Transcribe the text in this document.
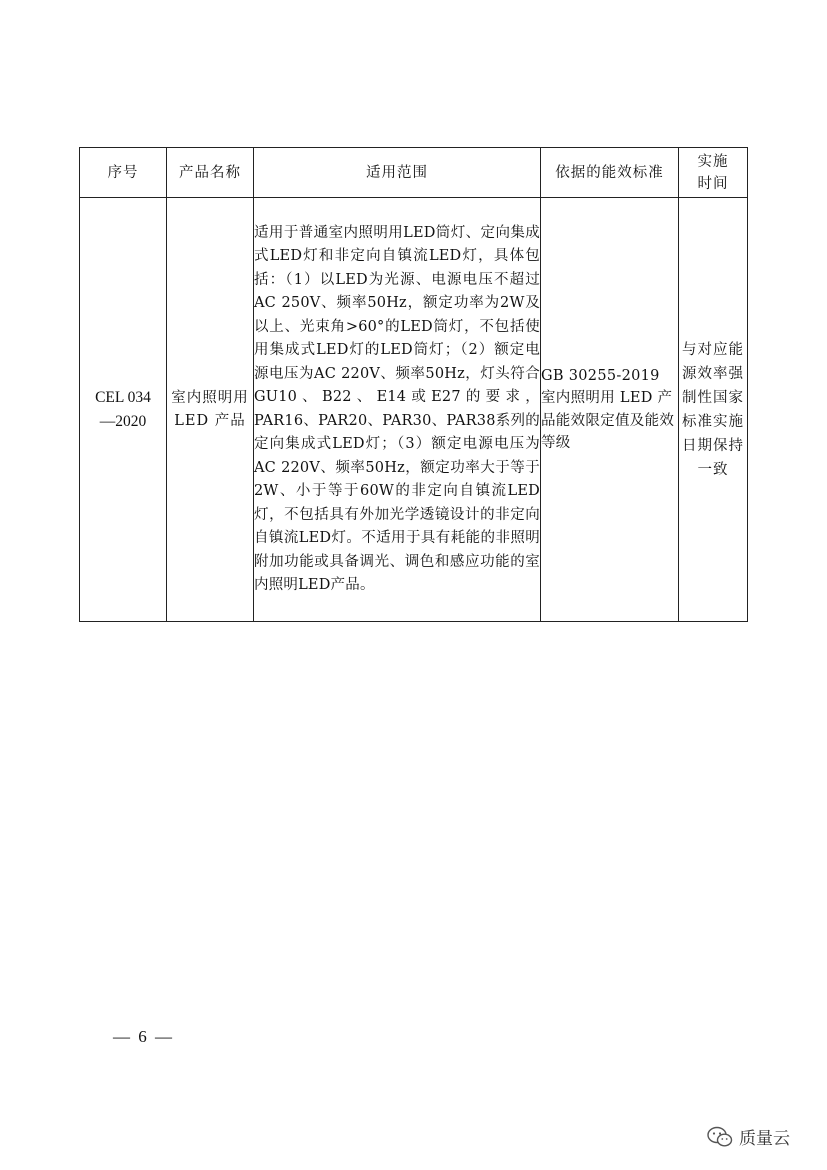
序号	产品名称	适用范围	依据的能效标准	实施时间
CEL 034—2020	室内照明用 LED 产品	适用于普通室内照明用LED筒灯、定向集成式LED灯和非定向自镇流LED灯，具体包括：（1）以LED为光源、电源电压不超过AC 250V、频率50Hz，额定功率为2W及以上、光束角>60°的LED筒灯，不包括使用集成式LED灯的LED筒灯；（2）额定电源电压为AC 220V、频率50Hz，灯头符合GU10、B22、E14或E27的要求，PAR16、PAR20、PAR30、PAR38系列的定向集成式LED灯；（3）额定电源电压为AC 220V、频率50Hz，额定功率大于等于2W、小于等于60W的非定向自镇流LED灯，不包括具有外加光学透镜设计的非定向自镇流LED灯。不适用于具有耗能的非照明附加功能或具备调光、调色和感应功能的室内照明LED产品。	GB 30255-2019 室内照明用 LED 产品能效限定值及能效等级	与对应能源效率强制性国家标准实施日期保持一致
— 6 —
质量云
